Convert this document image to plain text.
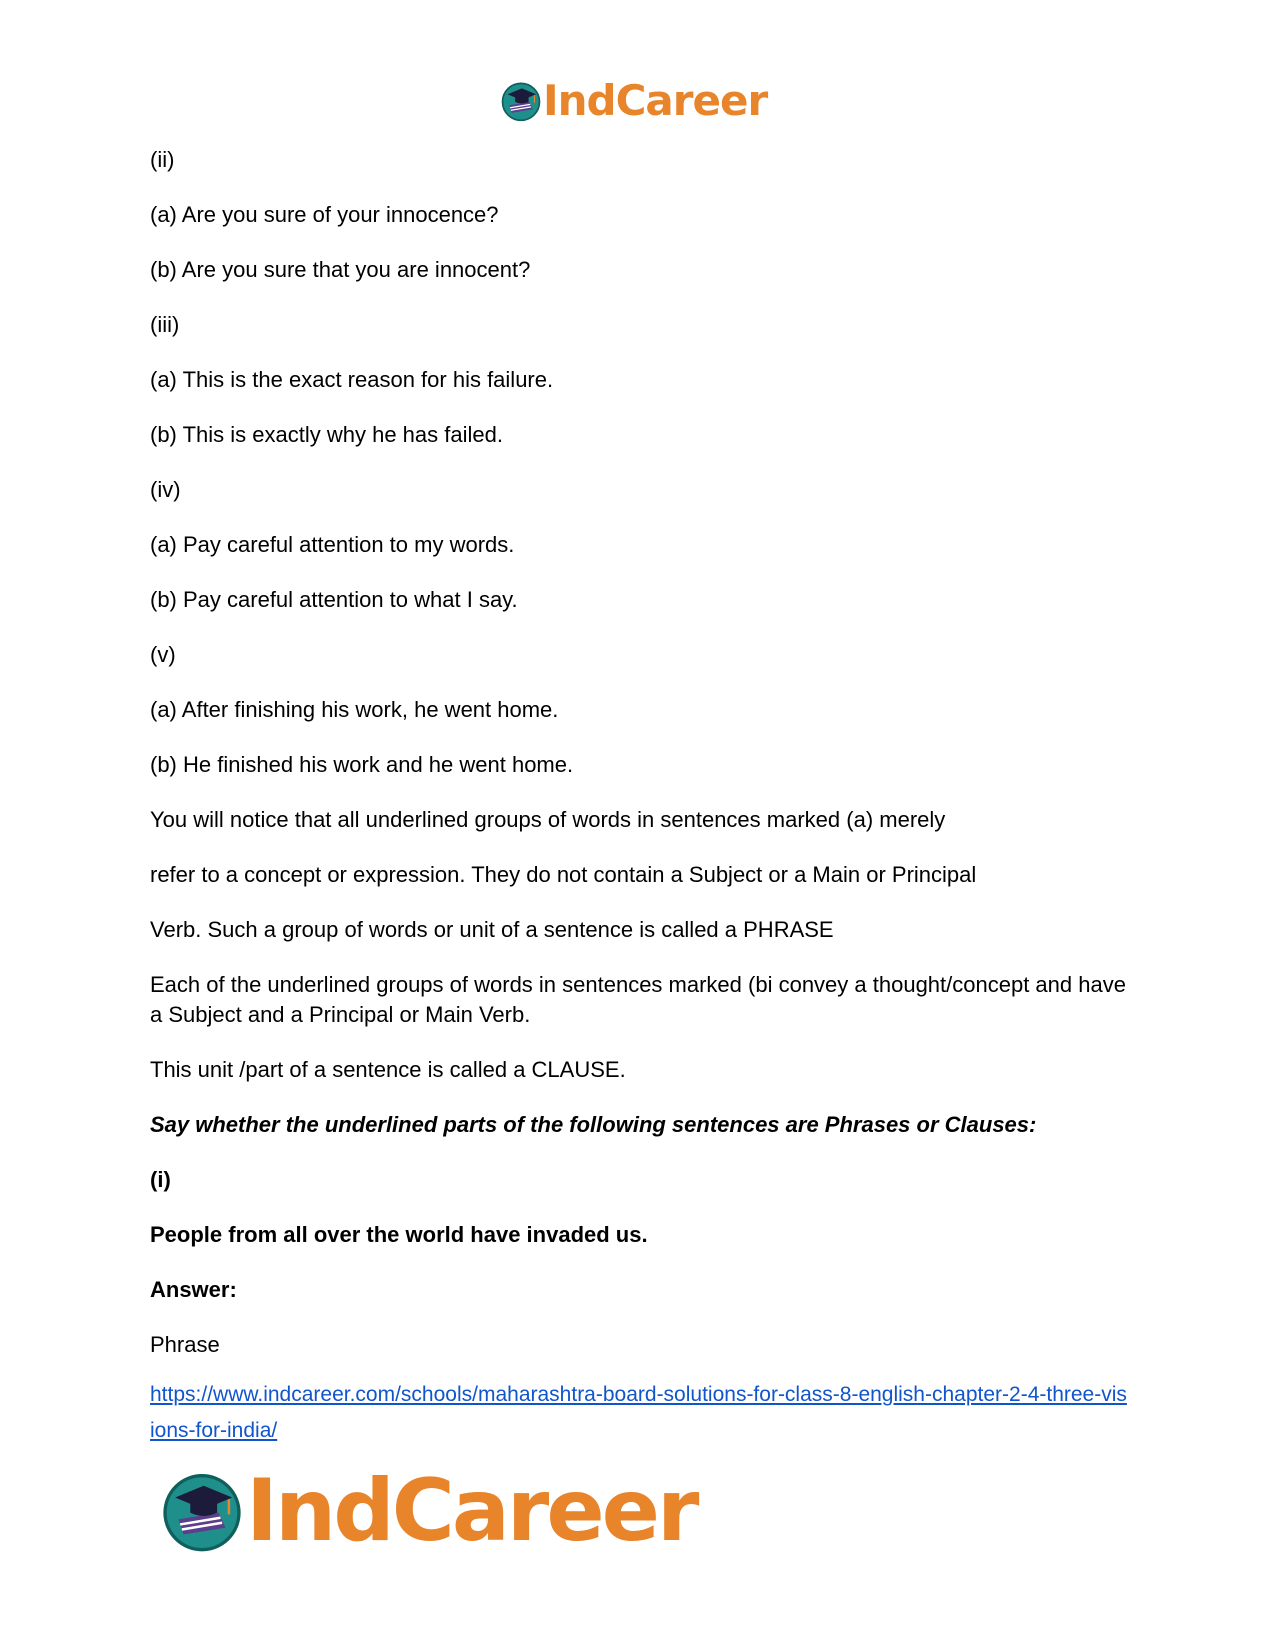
IndCareer

(ii)

(a) Are you sure of your innocence?

(b) Are you sure that you are innocent?

(iii)

(a) This is the exact reason for his failure.

(b) This is exactly why he has failed.

(iv)

(a) Pay careful attention to my words.

(b) Pay careful attention to what I say.

(v)

(a) After finishing his work, he went home.

(b) He finished his work and he went home.

You will notice that all underlined groups of words in sentences marked (a) merely

refer to a concept or expression. They do not contain a Subject or a Main or Principal

Verb. Such a group of words or unit of a sentence is called a PHRASE

Each of the underlined groups of words in sentences marked (bi convey a thought/concept and have a Subject and a Principal or Main Verb.

This unit /part of a sentence is called a CLAUSE.

Say whether the underlined parts of the following sentences are Phrases or Clauses:

(i)

People from all over the world have invaded us.

Answer:

Phrase

https://www.indcareer.com/schools/maharashtra-board-solutions-for-class-8-english-chapter-2-4-three-visions-for-india/
IndCareer
